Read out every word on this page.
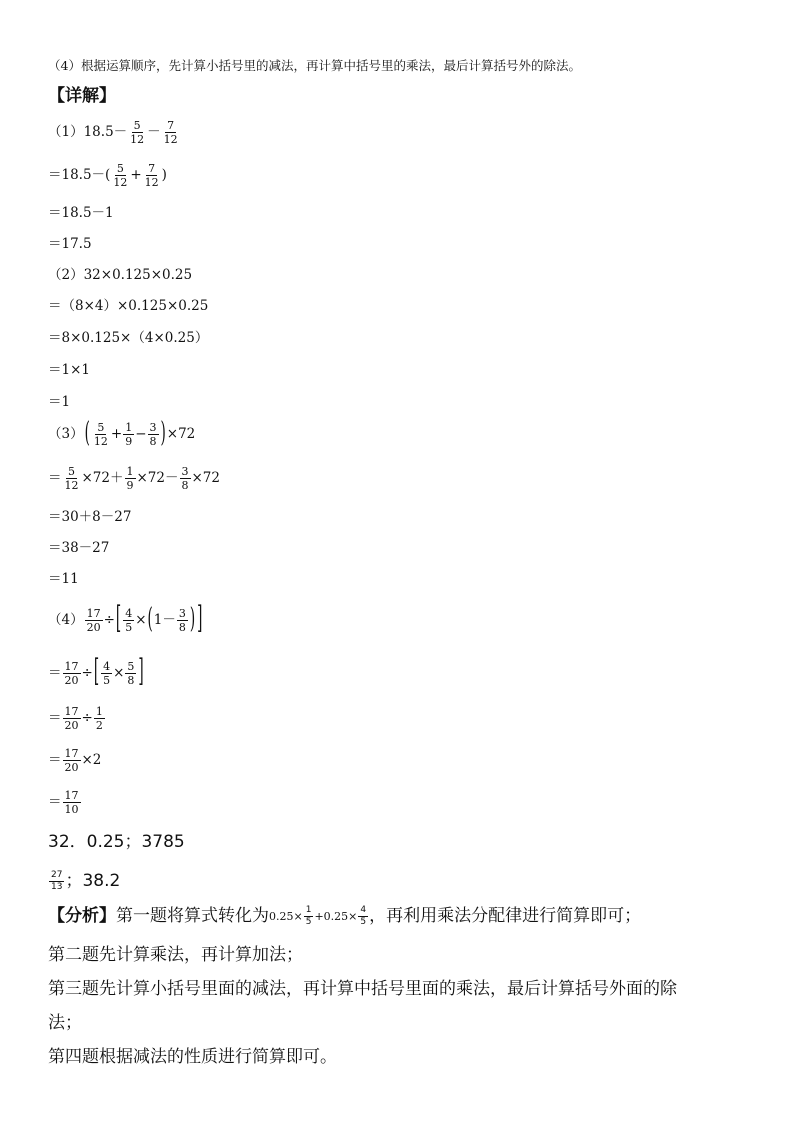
（4）根据运算顺序，先计算小括号里的减法，再计算中括号里的乘法，最后计算括号外的除法。
【详解】
（1） $18.5- \frac{5}{12} - \frac{7}{12}$
$=18.5-( \frac{5}{12} + \frac{7}{12}$ )
＝18.5－1
＝17.5
（2）32×0.125×0.25
＝（8×4）×0.125×0.25
＝8×0.125×（4×0.25）
＝1×1
＝1
（3） ( $\frac{5}{12} + \frac{1}{9} - \frac{3}{8}$ ) ×72
＝ $\frac{5}{12} \times 72+ \frac{1}{9} \times 72- \frac{3}{8} \times 72$
＝30＋8－27
＝38－27
＝11
$(4) \frac{17}{20}$ ÷ [ $\frac{4}{5}$ × ( $1- \frac{3}{8}$ ) ]
＝ $\frac{17}{20}$ ÷ [ $\frac{4}{5} \times \frac{5}{8}$ ]
＝ $\frac{17}{20} \div \frac{1}{2}$
＝ $\frac{17}{20} \times 2$
＝ $\frac{17}{10}$
32．0.25；3785
$\frac{27}{13}$ ；38.2
【分析】 第一题将算式转化为 $0.25\times \frac{1}{5} +0.25\times \frac{4}{5}$ ，再利用乘法分配律进行简算即可；
第二题先计算乘法，再计算加法；
第三题先计算小括号里面的减法，再计算中括号里面的乘法，最后计算括号外面的除
法；
第四题根据减法的性质进行简算即可。
